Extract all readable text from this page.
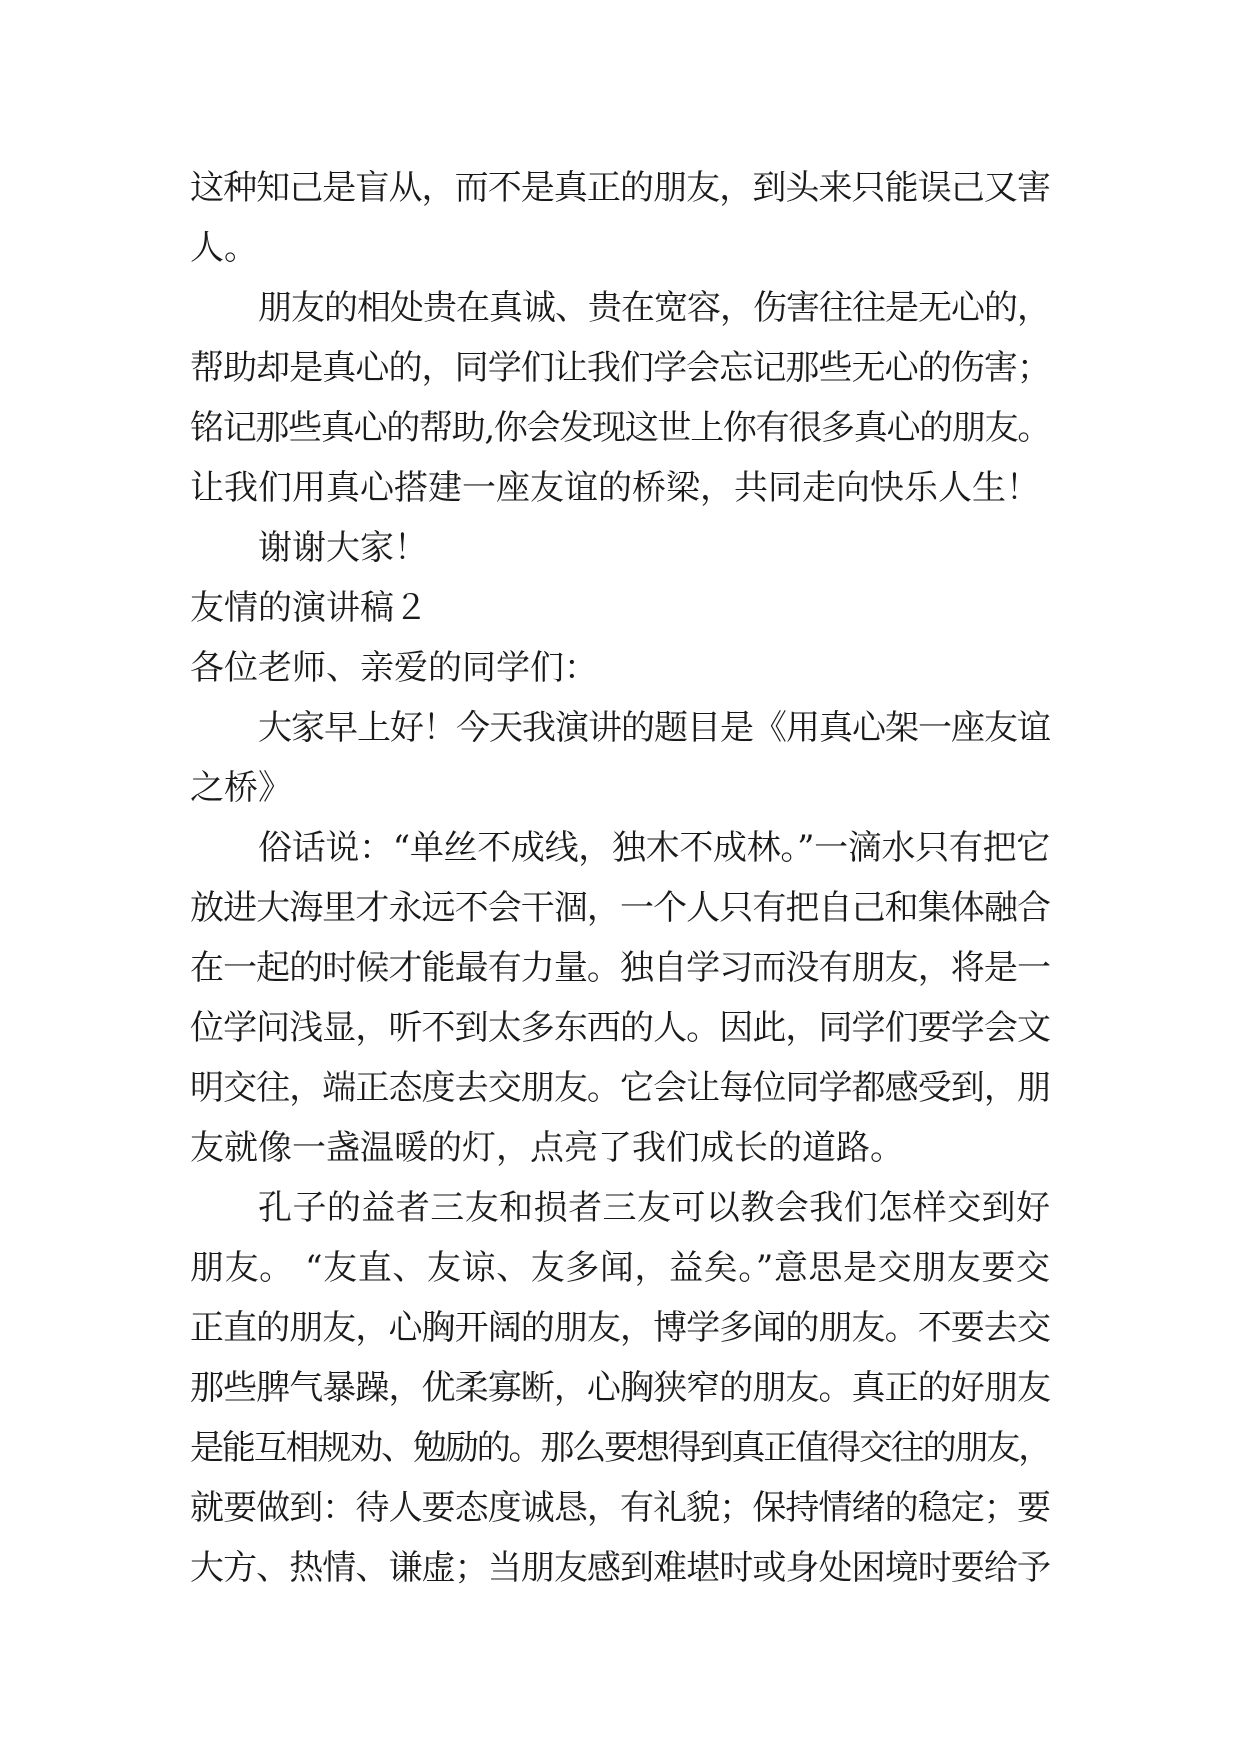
这种知己是盲从，而不是真正的朋友，到头来只能误己又害
人。
朋友的相处贵在真诚、贵在宽容，伤害往往是无心的，
帮助却是真心的，同学们让我们学会忘记那些无心的伤害；
铭记那些真心的帮助,你会发现这世上你有很多真心的朋友。
让我们用真心搭建一座友谊的桥梁，共同走向快乐人生！
谢谢大家！
友情的演讲稿２
各位老师、亲爱的同学们：
大家早上好！今天我演讲的题目是《用真心架一座友谊
之桥》
俗话说：“单丝不成线，独木不成林。”一滴水只有把它
放进大海里才永远不会干涸，一个人只有把自己和集体融合
在一起的时候才能最有力量。独自学习而没有朋友，将是一
位学问浅显，听不到太多东西的人。因此，同学们要学会文
明交往，端正态度去交朋友。它会让每位同学都感受到，朋
友就像一盏温暖的灯，点亮了我们成长的道路。
孔子的益者三友和损者三友可以教会我们怎样交到好
朋友。 “友直、友谅、友多闻，益矣。”意思是交朋友要交
正直的朋友，心胸开阔的朋友，博学多闻的朋友。不要去交
那些脾气暴躁，优柔寡断，心胸狭窄的朋友。真正的好朋友
是能互相规劝、勉励的。那么要想得到真正值得交往的朋友，
就要做到：待人要态度诚恳，有礼貌；保持情绪的稳定；要
大方、热情、谦虚；当朋友感到难堪时或身处困境时要给予
